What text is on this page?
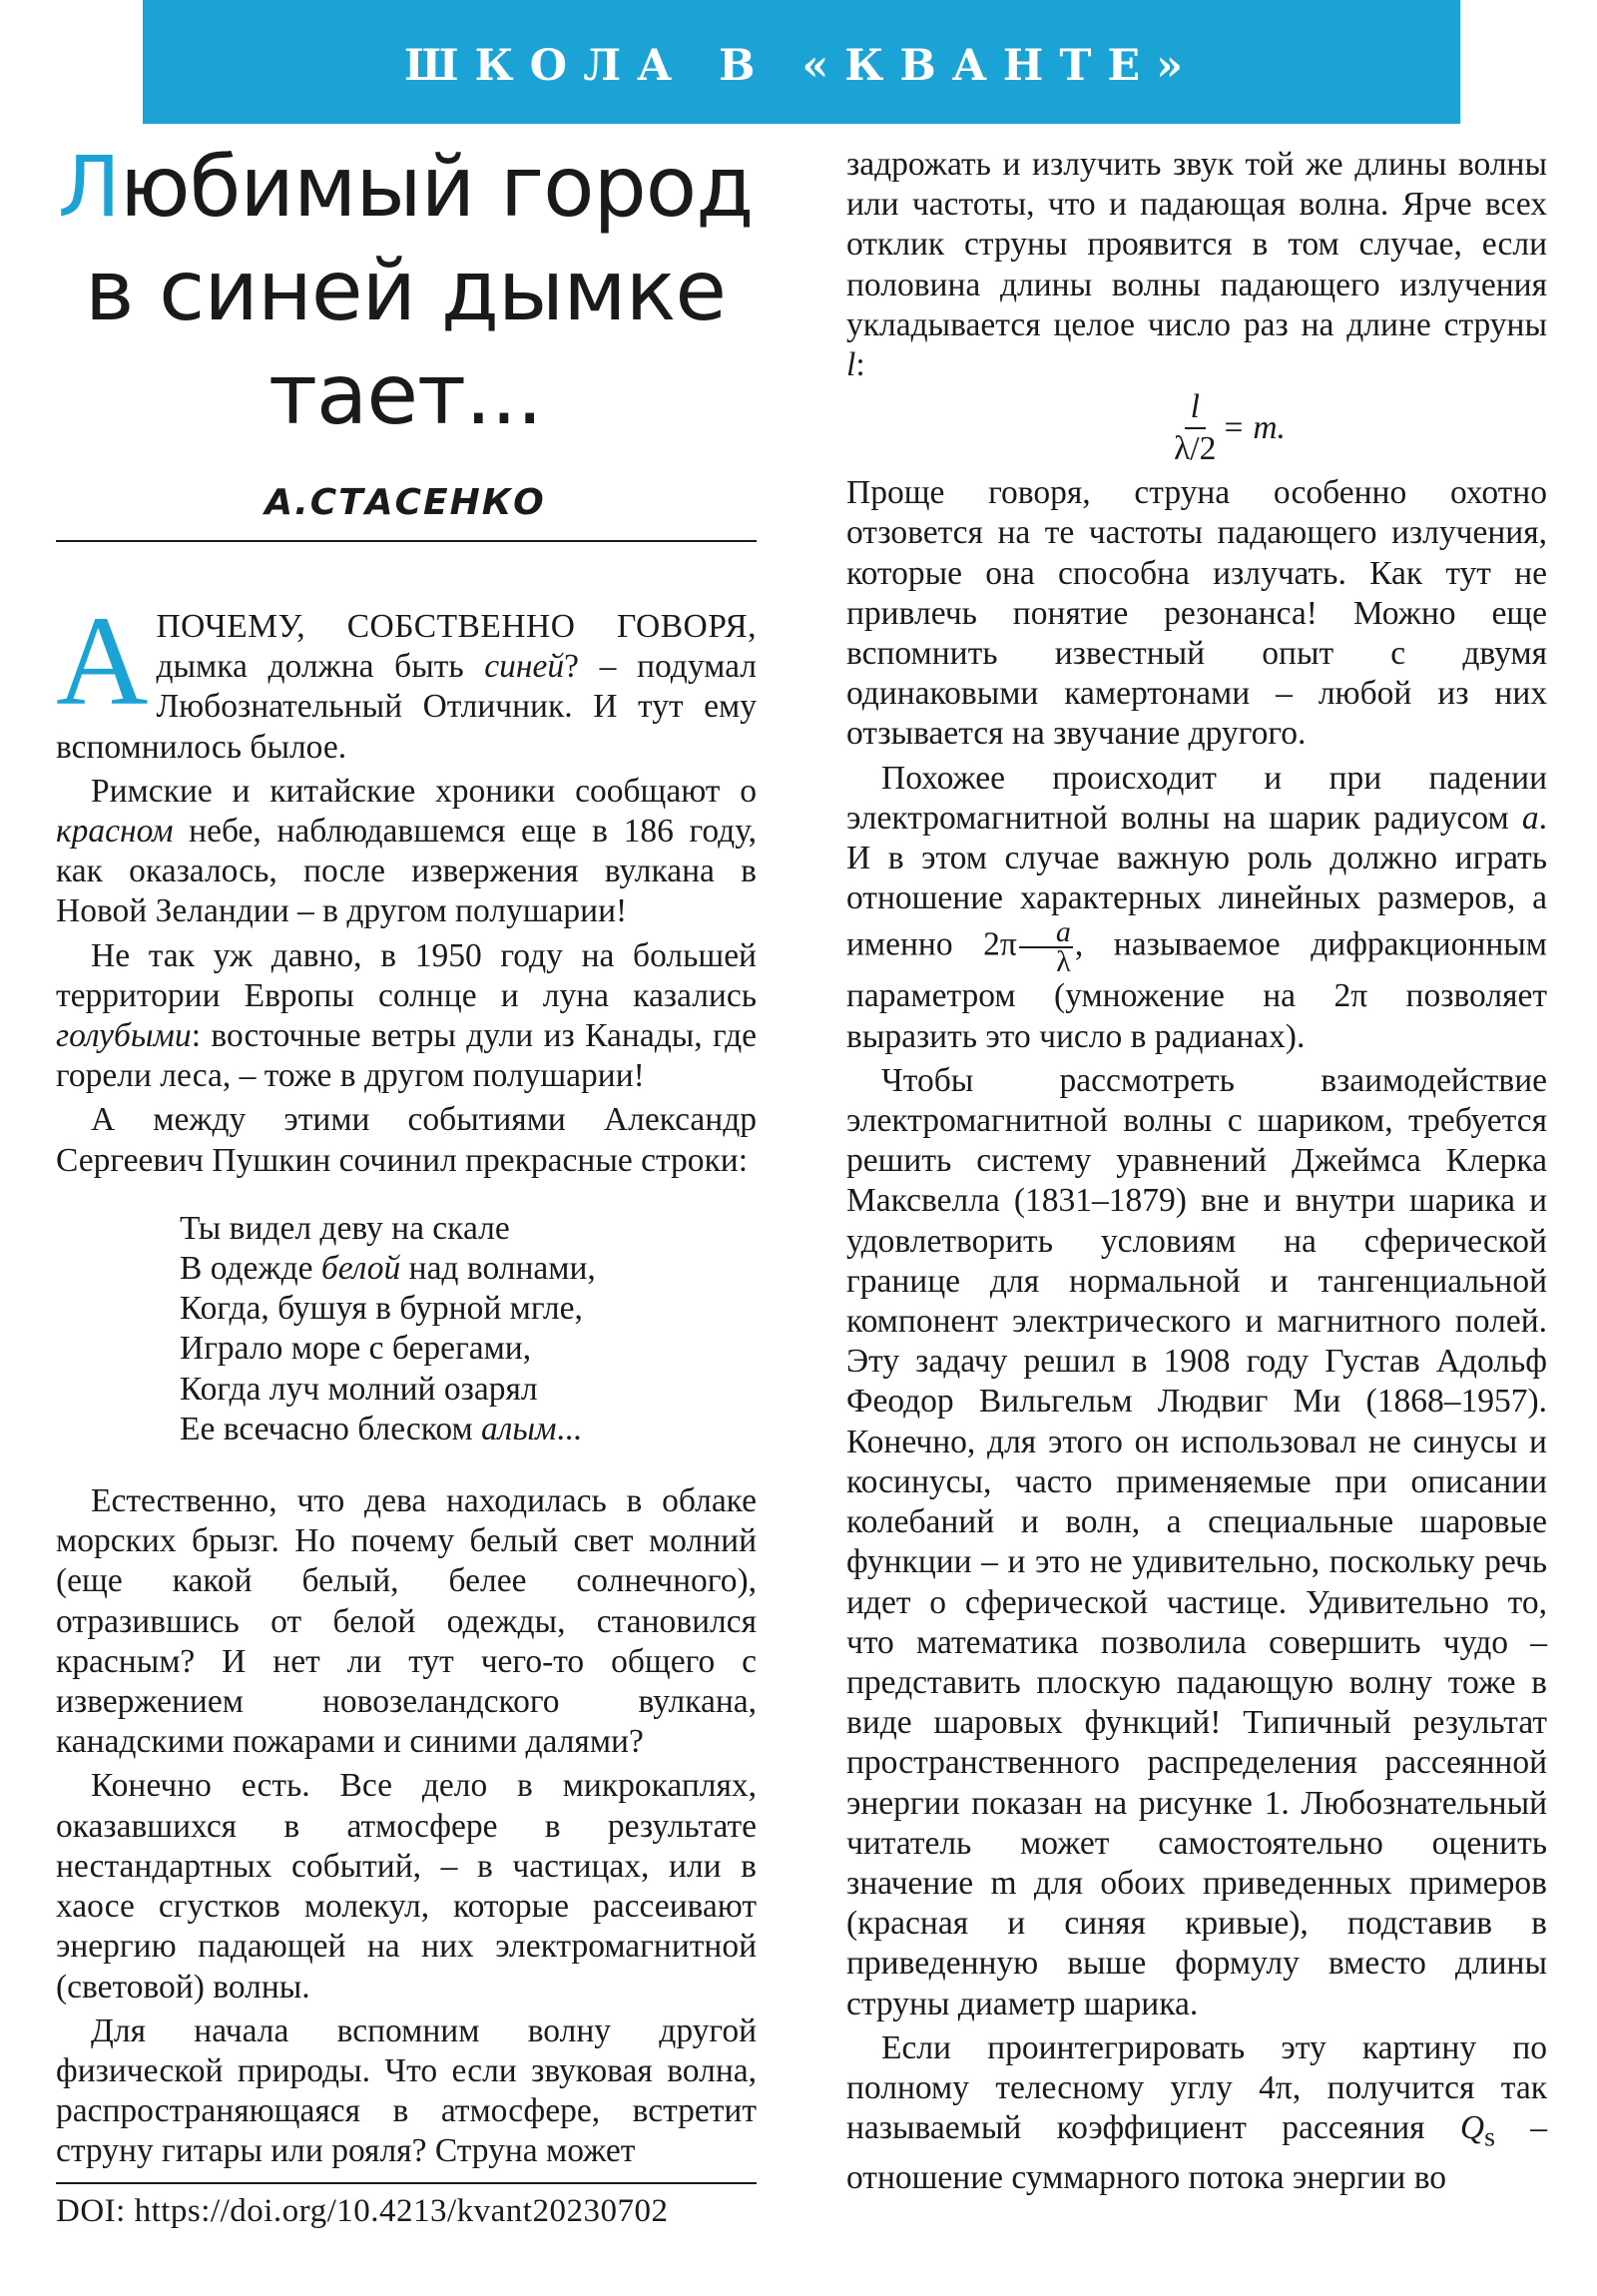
ШКОЛА В «КВАНТЕ»
Любимый город
в синей дымке
тает...
А.СТАСЕНКО

А ПОЧЕМУ, СОБСТВЕННО ГОВОРЯ, дымка должна быть синей? – подумал Любознательный Отличник. И тут ему вспомнилось былое.

Римские и китайские хроники сообщают о красном небе, наблюдавшемся еще в 186 году, как оказалось, после извержения вулкана в Новой Зеландии – в другом полушарии!

Не так уж давно, в 1950 году на большей территории Европы солнце и луна казались голубыми: восточные ветры дули из Канады, где горели леса, – тоже в другом полушарии!

А между этими событиями Александр Сергеевич Пушкин сочинил прекрасные строки:

Ты видел деву на скале
В одежде белой над волнами,
Когда, бушуя в бурной мгле,
Играло море с берегами,
Когда луч молний озарял
Ее всечасно блеском алым...

Естественно, что дева находилась в облаке морских брызг. Но почему белый свет молний (еще какой белый, белее солнечного), отразившись от белой одежды, становился красным? И нет ли тут чего-то общего с извержением новозеландского вулкана, канадскими пожарами и синими далями?

Конечно есть. Все дело в микрокаплях, оказавшихся в атмосфере в результате нестандартных событий, – в частицах, или в хаосе сгустков молекул, которые рассеивают энергию падающей на них электромагнитной (световой) волны.

Для начала вспомним волну другой физической природы. Что если звуковая волна, распространяющаяся в атмосфере, встретит струну гитары или рояля? Струна может

DOI: https://doi.org/10.4213/kvant20230702

задрожать и излучить звук той же длины волны или частоты, что и падающая волна. Ярче всех отклик струны проявится в том случае, если половина длины волны падающего излучения укладывается целое число раз на длине струны l:

$\frac{l}{\lambda/2} = m$.

Проще говоря, струна особенно охотно отзовется на те частоты падающего излучения, которые она способна излучать. Как тут не привлечь понятие резонанса! Можно еще вспомнить известный опыт с двумя одинаковыми камертонами – любой из них отзывается на звучание другого.

Похожее происходит и при падении электромагнитной волны на шарик радиусом a. И в этом случае важную роль должно играть отношение характерных линейных размеров, а именно $2\pi \frac{a}{\lambda}$ , называемое дифракционным параметром (умножение на 2π позволяет выразить это число в радианах).

Чтобы рассмотреть взаимодействие электромагнитной волны с шариком, требуется решить систему уравнений Джеймса Клерка Максвелла (1831–1879) вне и внутри шарика и удовлетворить условиям на сферической границе для нормальной и тангенциальной компонент электрического и магнитного полей. Эту задачу решил в 1908 году Густав Адольф Феодор Вильгельм Людвиг Ми (1868–1957). Конечно, для этого он использовал не синусы и косинусы, часто применяемые при описании колебаний и волн, а специальные шаровые функции – и это не удивительно, поскольку речь идет о сферической частице. Удивительно то, что математика позволила совершить чудо – представить плоскую падающую волну тоже в виде шаровых функций! Типичный результат пространственного распределения рассеянной энергии показан на рисунке 1. Любознательный читатель может самостоятельно оценить значение m для обоих приведенных примеров (красная и синяя кривые), подставив в приведенную выше формулу вместо длины струны диаметр шарика.

Если проинтегрировать эту картину по полному телесному углу 4π, получится так называемый коэффициент рассеяния $Q_s$ – отношение суммарного потока энергии во
